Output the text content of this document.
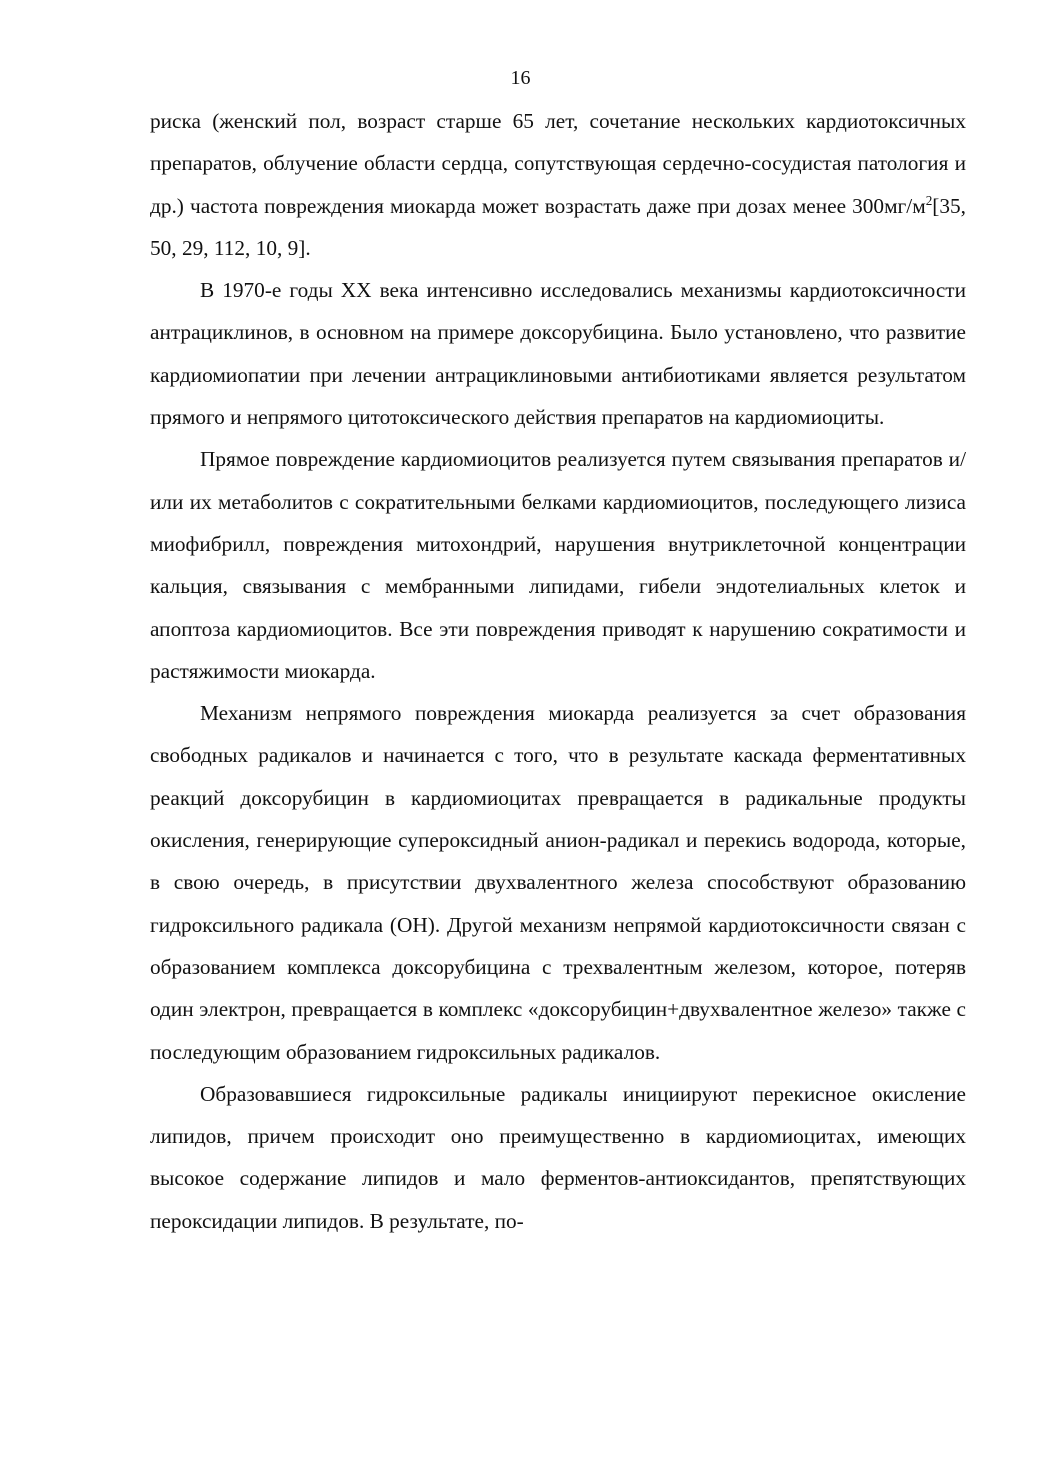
16

риска (женский пол, возраст старше 65 лет, сочетание нескольких кардиотоксичных препаратов, облучение области сердца, сопутствующая сердечно-сосудистая патология и др.) частота повреждения миокарда может возрастать даже при дозах менее $300мг/м^2[35$, 50, 29, 112, 10, 9].

В 1970-е годы ХХ века интенсивно исследовались механизмы кардиотоксичности антрациклинов, в основном на примере доксорубицина. Было установлено, что развитие кардиомиопатии при лечении антрациклиновыми антибиотиками является результатом прямого и непрямого цитотоксического действия препаратов на кардиомиоциты.

Прямое повреждение кардиомиоцитов реализуется путем связывания препаратов и/или их метаболитов с сократительными белками кардиомиоцитов, последующего лизиса миофибрилл, повреждения митохондрий, нарушения внутриклеточной концентрации кальция, связывания с мембранными липидами, гибели эндотелиальных клеток и апоптоза кардиомиоцитов. Все эти повреждения приводят к нарушению сократимости и растяжимости миокарда.

Механизм непрямого повреждения миокарда реализуется за счет образования свободных радикалов и начинается с того, что в результате каскада ферментативных реакций доксорубицин в кардиомиоцитах превращается в радикальные продукты окисления, генерирующие супероксидный анион-радикал и перекись водорода, которые, в свою очередь, в присутствии двухвалентного железа способствуют образованию гидроксильного радикала (ОН). Другой механизм непрямой кардиотоксичности связан с образованием комплекса доксорубицина с трехвалентным железом, которое, потеряв один электрон, превращается в комплекс «доксорубицин+двухвалентное железо» также с последующим образованием гидроксильных радикалов.

Образовавшиеся гидроксильные радикалы инициируют перекисное окисление липидов, причем происходит оно преимущественно в кардиомиоцитах, имеющих высокое содержание липидов и мало ферментов-антиоксидантов, препятствующих пероксидации липидов. В результате, по-
